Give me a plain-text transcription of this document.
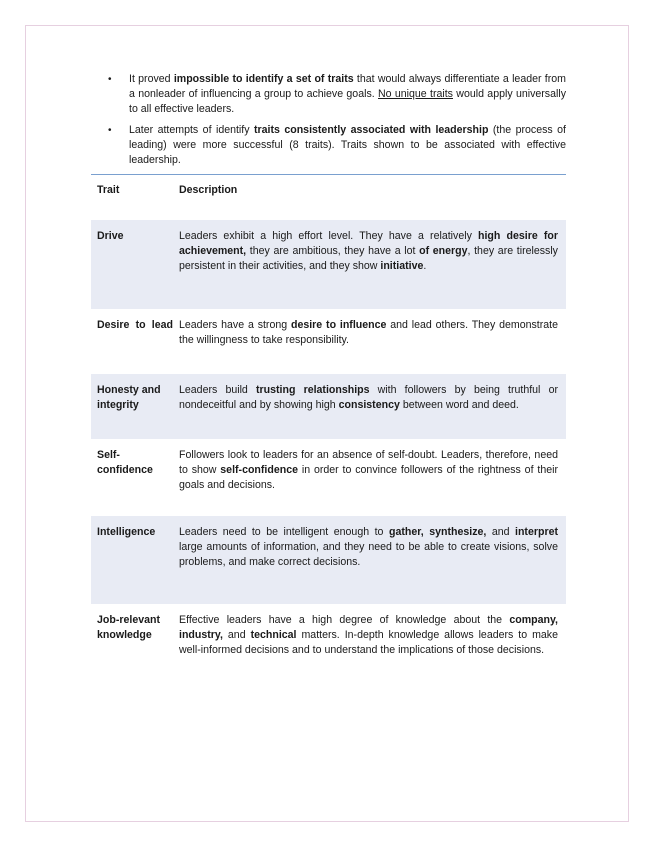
• It proved impossible to identify a set of traits that would always differentiate a leader from a nonleader of influencing a group to achieve goals. No unique traits would apply universally to all effective leaders.
• Later attempts of identify traits consistently associated with leadership (the process of leading) were more successful (8 traits). Traits shown to be associated with effective leadership.
Trait	Description
Drive	Leaders exhibit a high effort level. They have a relatively high desire for achievement, they are ambitious, they have a lot of energy, they are tirelessly persistent in their activities, and they show initiative.
Desire to lead	Leaders have a strong desire to influence and lead others. They demonstrate the willingness to take responsibility.
Honesty and integrity	Leaders build trusting relationships with followers by being truthful or nondeceitful and by showing high consistency between word and deed.
Self-confidence	Followers look to leaders for an absence of self-doubt. Leaders, therefore, need to show self-confidence in order to convince followers of the rightness of their goals and decisions.
Intelligence	Leaders need to be intelligent enough to gather, synthesize, and interpret large amounts of information, and they need to be able to create visions, solve problems, and make correct decisions.
Job-relevant knowledge	Effective leaders have a high degree of knowledge about the company, industry, and technical matters. In-depth knowledge allows leaders to make well-informed decisions and to understand the implications of those decisions.
